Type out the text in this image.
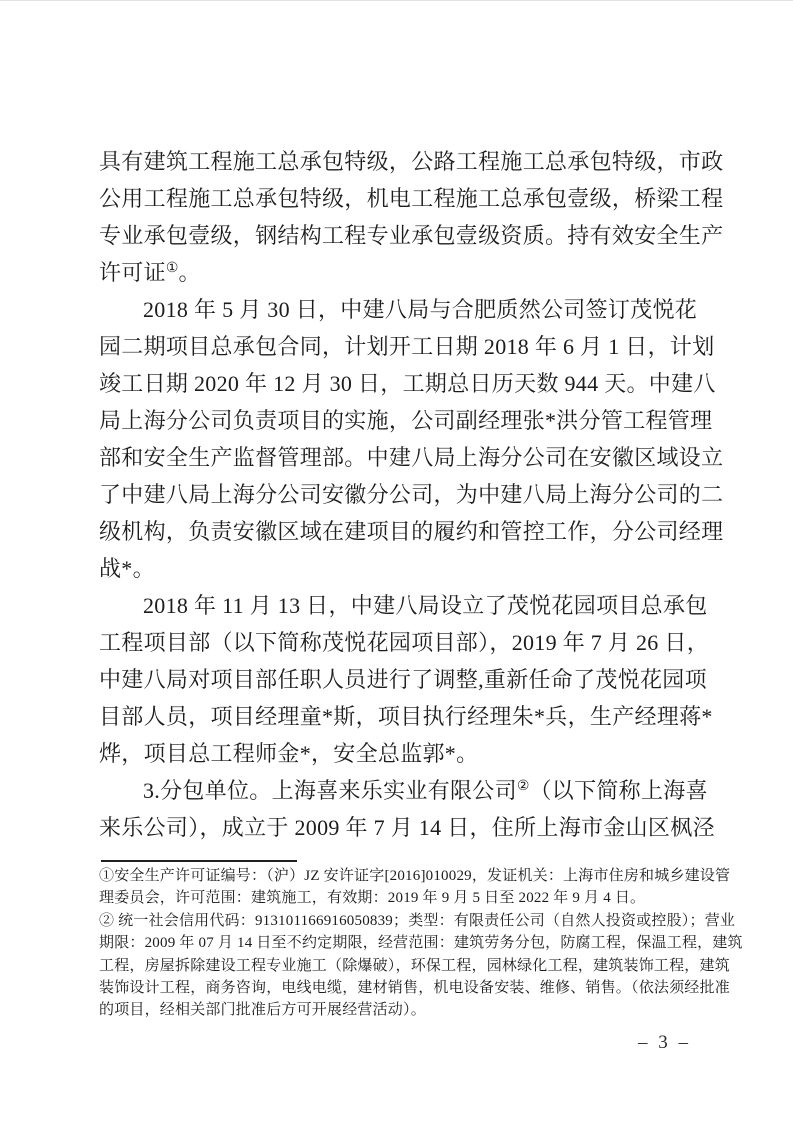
具有建筑工程施工总承包特级，公路工程施工总承包特级，市政
公用工程施工总承包特级，机电工程施工总承包壹级，桥梁工程
专业承包壹级，钢结构工程专业承包壹级资质。持有效安全生产
许可证①。
2018 年 5 月 30 日，中建八局与合肥质然公司签订茂悦花
园二期项目总承包合同，计划开工日期 2018 年 6 月 1 日，计划
竣工日期 2020 年 12 月 30 日，工期总日历天数 944 天。中建八
局上海分公司负责项目的实施，公司副经理张*洪分管工程管理
部和安全生产监督管理部。中建八局上海分公司在安徽区域设立
了中建八局上海分公司安徽分公司，为中建八局上海分公司的二
级机构，负责安徽区域在建项目的履约和管控工作，分公司经理
战*。
2018 年 11 月 13 日，中建八局设立了茂悦花园项目总承包
工程项目部（以下简称茂悦花园项目部），2019 年 7 月 26 日，
中建八局对项目部任职人员进行了调整,重新任命了茂悦花园项
目部人员，项目经理童*斯，项目执行经理朱*兵，生产经理蒋*
烨，项目总工程师金*，安全总监郭*。
3.分包单位。上海喜来乐实业有限公司②（以下简称上海喜
来乐公司），成立于 2009 年 7 月 14 日，住所上海市金山区枫泾
①安全生产许可证编号：（沪）JZ 安许证字[2016]010029，发证机关：上海市住房和城乡建设管
理委员会，许可范围：建筑施工，有效期：2019 年 9 月 5 日至 2022 年 9 月 4 日。
② 统一社会信用代码：913101166916050839；类型：有限责任公司（自然人投资或控股）；营业
期限：2009 年 07 月 14 日至不约定期限，经营范围：建筑劳务分包，防腐工程，保温工程，建筑
工程，房屋拆除建设工程专业施工（除爆破），环保工程，园林绿化工程，建筑装饰工程，建筑
装饰设计工程，商务咨询，电线电缆，建材销售，机电设备安装、维修、销售。（依法须经批准
的项目，经相关部门批准后方可开展经营活动）。
– 3 –
